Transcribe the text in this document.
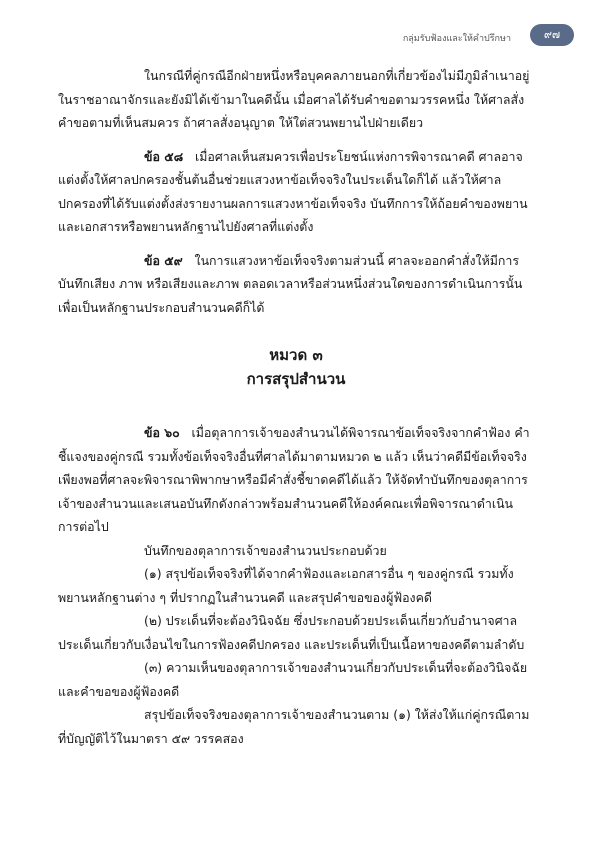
กลุ่มรับฟ้องและให้คำปรึกษา	๙๗

ในกรณีที่คู่กรณีอีกฝ่ายหนึ่งหรือบุคคลภายนอกที่เกี่ยวข้องไม่มีภูมิลำเนาอยู่ในราชอาณาจักรและยังมิได้เข้ามาในคดีนั้น เมื่อศาลได้รับคำขอตามวรรคหนึ่ง ให้ศาลสั่งคำขอตามที่เห็นสมควร ถ้าศาลสั่งอนุญาต ให้ใต่สวนพยานไปฝ่ายเดียว

ข้อ ๕๘ เมื่อศาลเห็นสมควรเพื่อประโยชน์แห่งการพิจารณาคดี ศาลอาจแต่งตั้งให้ศาลปกครองชั้นต้นอื่นช่วยแสวงหาข้อเท็จจริงในประเด็นใดก็ได้ แล้วให้ศาลปกครองที่ได้รับแต่งตั้งส่งรายงานผลการแสวงหาข้อเท็จจริง บันทึกการให้ถ้อยคำของพยาน และเอกสารหรือพยานหลักฐานไปยังศาลที่แต่งตั้ง

ข้อ ๕๙ ในการแสวงหาข้อเท็จจริงตามส่วนนี้ ศาลจะออกคำสั่งให้มีการบันทึกเสียง ภาพ หรือเสียงและภาพ ตลอดเวลาหรือส่วนหนึ่งส่วนใดของการดำเนินการนั้นเพื่อเป็นหลักฐานประกอบสำนวนคดีก็ได้

หมวด ๓
การสรุปสำนวน

ข้อ ๖๐ เมื่อตุลาการเจ้าของสำนวนได้พิจารณาข้อเท็จจริงจากคำฟ้อง คำชี้แจงของคู่กรณี รวมทั้งข้อเท็จจริงอื่นที่ศาลได้มาตามหมวด ๒ แล้ว เห็นว่าคดีมีข้อเท็จจริงเพียงพอที่ศาลจะพิจารณาพิพากษาหรือมีคำสั่งชี้ขาดคดีได้แล้ว ให้จัดทำบันทึกของตุลาการเจ้าของสำนวนและเสนอบันทึกดังกล่าวพร้อมสำนวนคดีให้องค์คณะเพื่อพิจารณาดำเนินการต่อไป

บันทึกของตุลาการเจ้าของสำนวนประกอบด้วย

(๑) สรุปข้อเท็จจริงที่ได้จากคำฟ้องและเอกสารอื่น ๆ ของคู่กรณี รวมทั้งพยานหลักฐานต่าง ๆ ที่ปรากฏในสำนวนคดี และสรุปคำขอของผู้ฟ้องคดี

(๒) ประเด็นที่จะต้องวินิจฉัย ซึ่งประกอบด้วยประเด็นเกี่ยวกับอำนาจศาล ประเด็นเกี่ยวกับเงื่อนไขในการฟ้องคดีปกครอง และประเด็นที่เป็นเนื้อหาของคดีตามลำดับ

(๓) ความเห็นของตุลาการเจ้าของสำนวนเกี่ยวกับประเด็นที่จะต้องวินิจฉัยและคำขอของผู้ฟ้องคดี

สรุปข้อเท็จจริงของตุลาการเจ้าของสำนวนตาม (๑) ให้ส่งให้แก่คู่กรณีตามที่บัญญัติไว้ในมาตรา ๕๙ วรรคสอง
